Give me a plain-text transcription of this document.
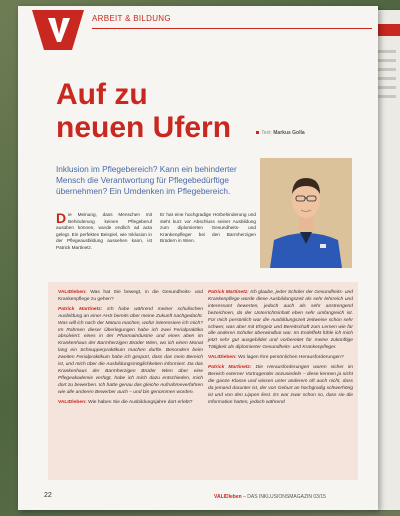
ARBEIT & BILDUNG
Auf zu
neuen Ufern	Text: Markus Golla

Inklusion im Pflegebereich? Kann ein behinderter Mensch die Verantwortung für Pflegebedürftige übernehmen? Ein Umdenken im Pflegebereich.

D ie Meinung, dass Menschen mit Behinderung keinen Pflegeberuf ausüben können, wurde endlich ad acta gelegt. Ein perfektes Beispiel, wie Inklusion in der Pflegeausbildung aussehen kann, ist Patrick Martinetz.
Er hat eine hochgradige Hörbehinderung und steht kurz vor Abschluss seiner Ausbildung zum diplomierten Gesundheits- und Krankenpfleger bei den Barmherzigen Brüdern in Wien.

VALIDleben: Was hat Sie bewegt, in die Gesundheits- und Krankenpflege zu gehen?

Patrick Martinetz: Ich habe während meiner schulischen Ausbildung an einer AHS bereits über meine Zukunft nachgedacht. Was will ich nach der Matura machen, wofür interessiere ich mich? Im Rahmen dieser Überlegungen habe ich zwei Ferialpraktika absolviert: eines in der Pharmaindustrie und eines aben im Krankenhaus der Barmherzigen Brüder Wien, wo ich einen Monat lang ein Schnupperpraktikum machen durfte. Besonders beim zweiten Ferialpraktikum habe ich gespürt, dass das mein Bereich ist, und mich über die Ausbildungsmöglichkeiten informiert. Da das Krankenhaus der Barmherzigen Brüder Wien über eine Pflegeakademie verfügt, habe ich mich dazu entschieden, mich dort zu bewerben. Ich hatte genau das gleiche Aufnahmeverfahren wie alle anderen Bewerber auch – und bin genommen worden.

VALIDleben: Wie haben Sie die Ausbildungsjahre dort erlebt?

Patrick Martinetz: Ich glaube, jeder Schüler der Gesundheits- und Krankenpflege würde diese Ausbildungszeit als sehr lehrreich und interessant bewerten, jedoch auch als sehr anstrengend bezeichnen, da der Unterrichtsinhalt eben sehr umfangreich ist. Für mich persönlich war die Ausbildungszeit zeitweise schon sehr schwer, was aber mit Ehrgeiz und Bereitschaft zum Lernen wie für alle anderen Schüler überwindbar war. Im Endeffekt fühle ich mich jetzt sehr gut ausgebildet und vorbereitet für meine zukünftige Tätigkeit als diplomierter Gesundheits- und Krankenpfleger.

VALIDleben: Wo lagen Ihre persönlichen Herausforderungen?

Patrick Martinetz: Die Herausforderungen waren sicher im Bereich externer Vortragender anzusiedeln – diese kennen ja nicht die ganze Klasse und wissen unter anderem oft auch nicht, dass da jemand darunter ist, der von Geburt an hochgradig schwerhörig ist und von den Lippen liest. Es war zwar schon so, dass sie die Information hatten, jedoch während

22	VALIDleben – DAS INKLUSIONSMAGAZIN 03/15
